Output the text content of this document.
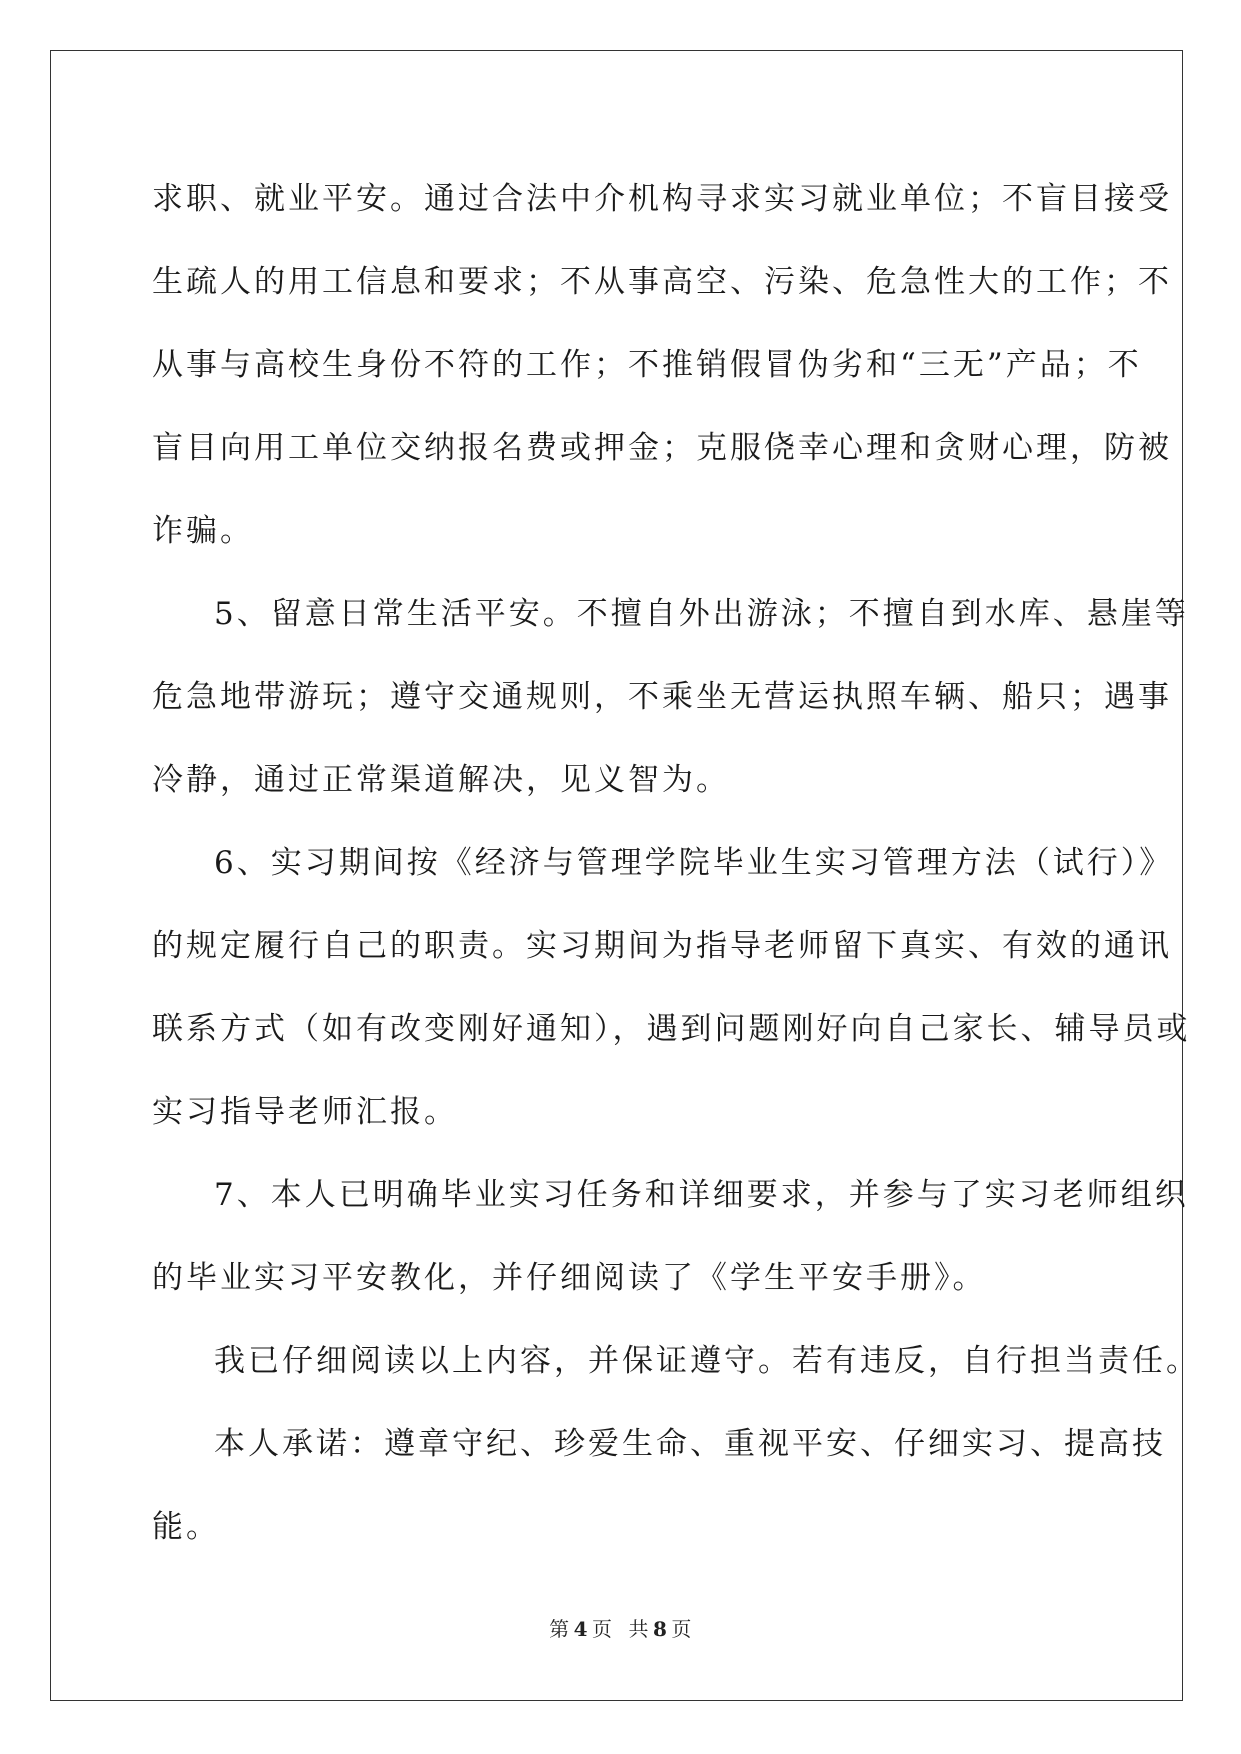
求职、就业平安。通过合法中介机构寻求实习就业单位；不盲目接受
生疏人的用工信息和要求；不从事高空、污染、危急性大的工作；不
从事与高校生身份不符的工作；不推销假冒伪劣和“三无”产品；不
盲目向用工单位交纳报名费或押金；克服侥幸心理和贪财心理，防被
诈骗。
5、留意日常生活平安。不擅自外出游泳；不擅自到水库、悬崖等
危急地带游玩；遵守交通规则，不乘坐无营运执照车辆、船只；遇事
冷静，通过正常渠道解决，见义智为。
6、实习期间按《经济与管理学院毕业生实习管理方法（试行）》
的规定履行自己的职责。实习期间为指导老师留下真实、有效的通讯
联系方式（如有改变刚好通知），遇到问题刚好向自己家长、辅导员或
实习指导老师汇报。
7、本人已明确毕业实习任务和详细要求，并参与了实习老师组织
的毕业实习平安教化，并仔细阅读了《学生平安手册》。
我已仔细阅读以上内容，并保证遵守。若有违反，自行担当责任。
本人承诺：遵章守纪、珍爱生命、重视平安、仔细实习、提高技
能。
第 4 页 共 8 页
